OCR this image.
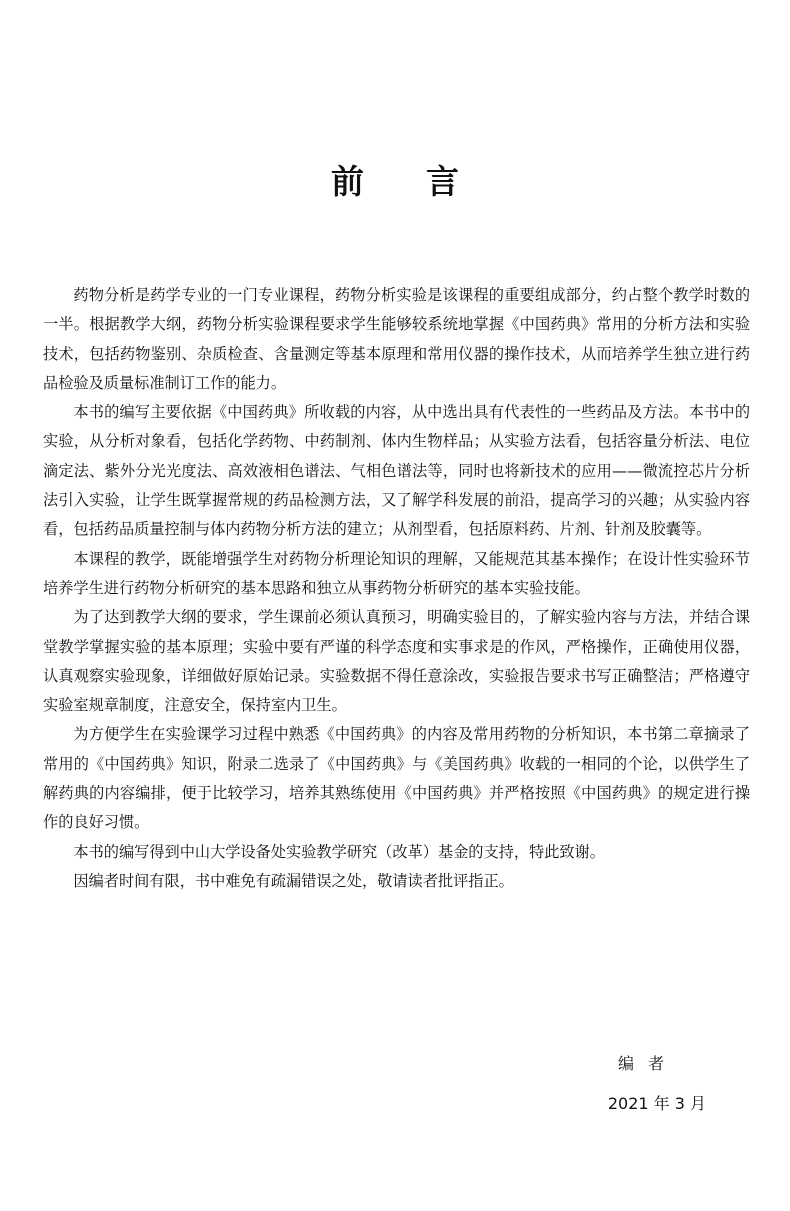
前言

药物分析是药学专业的一门专业课程，药物分析实验是该课程的重要组成部分，约占整个教学时数的一半。根据教学大纲，药物分析实验课程要求学生能够较系统地掌握《中国药典》常用的分析方法和实验技术，包括药物鉴别、杂质检查、含量测定等基本原理和常用仪器的操作技术，从而培养学生独立进行药品检验及质量标准制订工作的能力。

本书的编写主要依据《中国药典》所收载的内容，从中选出具有代表性的一些药品及方法。本书中的实验，从分析对象看，包括化学药物、中药制剂、体内生物样品；从实验方法看，包括容量分析法、电位滴定法、紫外分光光度法、高效液相色谱法、气相色谱法等，同时也将新技术的应用——微流控芯片分析法引入实验，让学生既掌握常规的药品检测方法，又了解学科发展的前沿，提高学习的兴趣；从实验内容看，包括药品质量控制与体内药物分析方法的建立；从剂型看，包括原料药、片剂、针剂及胶囊等。

本课程的教学，既能增强学生对药物分析理论知识的理解，又能规范其基本操作；在设计性实验环节培养学生进行药物分析研究的基本思路和独立从事药物分析研究的基本实验技能。

为了达到教学大纲的要求，学生课前必须认真预习，明确实验目的，了解实验内容与方法，并结合课堂教学掌握实验的基本原理；实验中要有严谨的科学态度和实事求是的作风，严格操作，正确使用仪器，认真观察实验现象，详细做好原始记录。实验数据不得任意涂改，实验报告要求书写正确整洁；严格遵守实验室规章制度，注意安全，保持室内卫生。

为方便学生在实验课学习过程中熟悉《中国药典》的内容及常用药物的分析知识，本书第二章摘录了常用的《中国药典》知识，附录二选录了《中国药典》与《美国药典》收载的一相同的个论，以供学生了解药典的内容编排，便于比较学习，培养其熟练使用《中国药典》并严格按照《中国药典》的规定进行操作的良好习惯。

本书的编写得到中山大学设备处实验教学研究（改革）基金的支持，特此致谢。

因编者时间有限，书中难免有疏漏错误之处，敬请读者批评指正。

编者
2021 年 3 月
